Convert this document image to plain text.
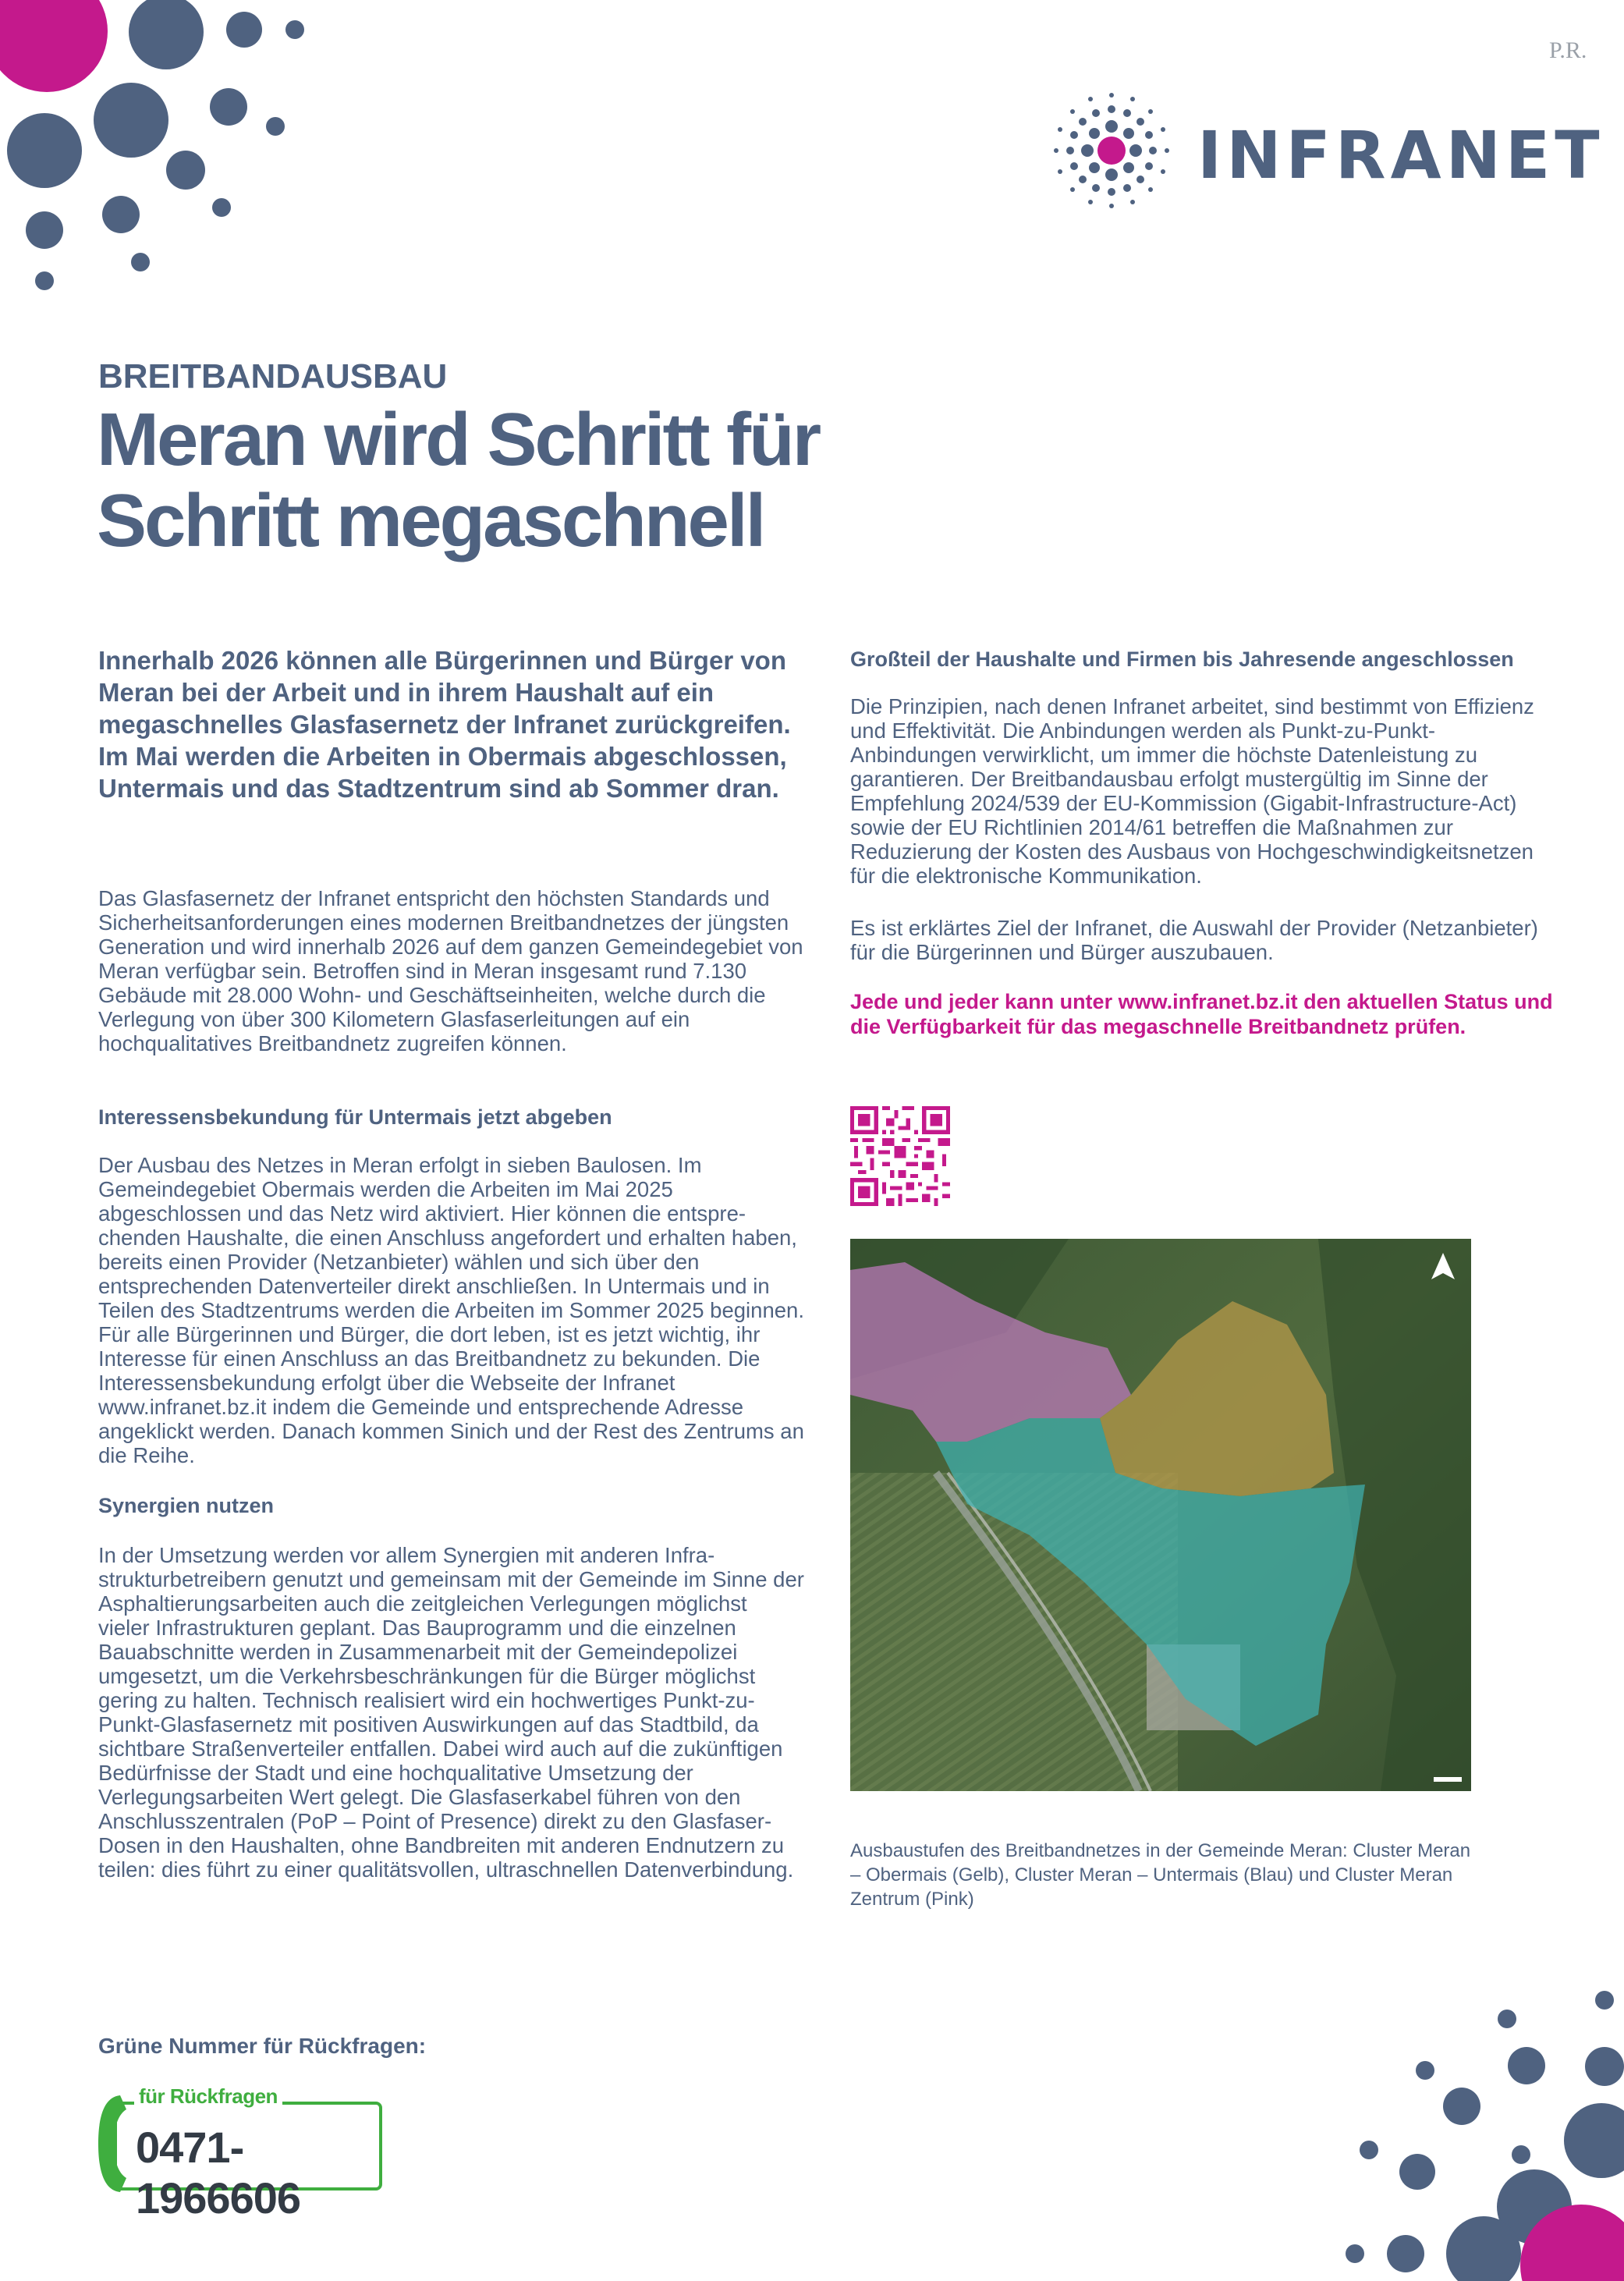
P.R.
INFRANET
BREITBANDAUSBAU
Meran wird Schritt für Schritt megaschnell
Innerhalb 2026 können alle Bürgerinnen und Bürger von Meran bei der Arbeit und in ihrem Haushalt auf ein megaschnelles Glasfasernetz der Infranet zurückgreifen. Im Mai werden die Arbeiten in Obermais abgeschlossen, Untermais und das Stadtzentrum sind ab Sommer dran.
Das Glasfasernetz der Infranet entspricht den höchsten Standards und Sicherheitsanforderungen eines modernen Breitbandnetzes der jüngsten Generation und wird innerhalb 2026 auf dem ganzen Gemeindegebiet von Meran verfügbar sein. Betroffen sind in Meran insgesamt rund 7.130 Gebäude mit 28.000 Wohn- und Geschäftseinheiten, welche durch die Verlegung von über 300 Kilometern Glasfaserleitungen auf ein hochqualitatives Breitbandnetz zugreifen können.
Interessensbekundung für Untermais jetzt abgeben
Der Ausbau des Netzes in Meran erfolgt in sieben Baulosen. Im Gemeindegebiet Obermais werden die Arbeiten im Mai 2025 abgeschlossen und das Netz wird aktiviert. Hier können die entsprechenden Haushalte, die einen Anschluss angefordert und erhalten haben, bereits einen Provider (Netzanbieter) wählen und sich über den entsprechenden Datenverteiler direkt anschließen. In Untermais und in Teilen des Stadtzentrums werden die Arbeiten im Sommer 2025 beginnen. Für alle Bürgerinnen und Bürger, die dort leben, ist es jetzt wichtig, ihr Interesse für einen Anschluss an das Breitbandnetz zu bekunden. Die Interessensbekundung erfolgt über die Webseite der Infranet www.infranet.bz.it indem die Gemeinde und entsprechende Adresse angeklickt werden. Danach kommen Sinich und der Rest des Zentrums an die Reihe.
Synergien nutzen
In der Umsetzung werden vor allem Synergien mit anderen Infrastrukturbetreibern genutzt und gemeinsam mit der Gemeinde im Sinne der Asphaltierungsarbeiten auch die zeitgleichen Verlegungen möglichst vieler Infrastrukturen geplant. Das Bauprogramm und die einzelnen Bauabschnitte werden in Zusammenarbeit mit der Gemeindepolizei umgesetzt, um die Verkehrsbeschränkungen für die Bürger möglichst gering zu halten. Technisch realisiert wird ein hochwertiges Punkt-zu-Punkt-Glasfasernetz mit positiven Auswirkungen auf das Stadtbild, da sichtbare Straßenverteiler entfallen. Dabei wird auch auf die zukünftigen Bedürfnisse der Stadt und eine hochqualitative Umsetzung der Verlegungsarbeiten Wert gelegt. Die Glasfaserkabel führen von den Anschlusszentralen (PoP – Point of Presence) direkt zu den Glasfaser-Dosen in den Haushalten, ohne Bandbreiten mit anderen Endnutzern zu teilen: dies führt zu einer qualitätsvollen, ultraschnellen Datenverbindung.
Großteil der Haushalte und Firmen bis Jahresende angeschlossen
Die Prinzipien, nach denen Infranet arbeitet, sind bestimmt von Effizienz und Effektivität. Die Anbindungen werden als Punkt-zu-Punkt-Anbindungen verwirklicht, um immer die höchste Datenleistung zu garantieren. Der Breitbandausbau erfolgt mustergültig im Sinne der Empfehlung 2024/539 der EU-Kommission (Gigabit-Infrastructure-Act) sowie der EU Richtlinien 2014/61 betreffen die Maßnahmen zur Reduzierung der Kosten des Ausbaus von Hochgeschwindigkeitsnetzen für die elektronische Kommunikation.
Es ist erklärtes Ziel der Infranet, die Auswahl der Provider (Netzanbieter) für die Bürgerinnen und Bürger auszubauen.
Jede und jeder kann unter www.infranet.bz.it den aktuellen Status und die Verfügbarkeit für das megaschnelle Breitbandnetz prüfen.
Ausbaustufen des Breitbandnetzes in der Gemeinde Meran: Cluster Meran – Obermais (Gelb), Cluster Meran – Untermais (Blau) und Cluster Meran Zentrum (Pink)
Grüne Nummer für Rückfragen:
für Rückfragen
0471-1966606
